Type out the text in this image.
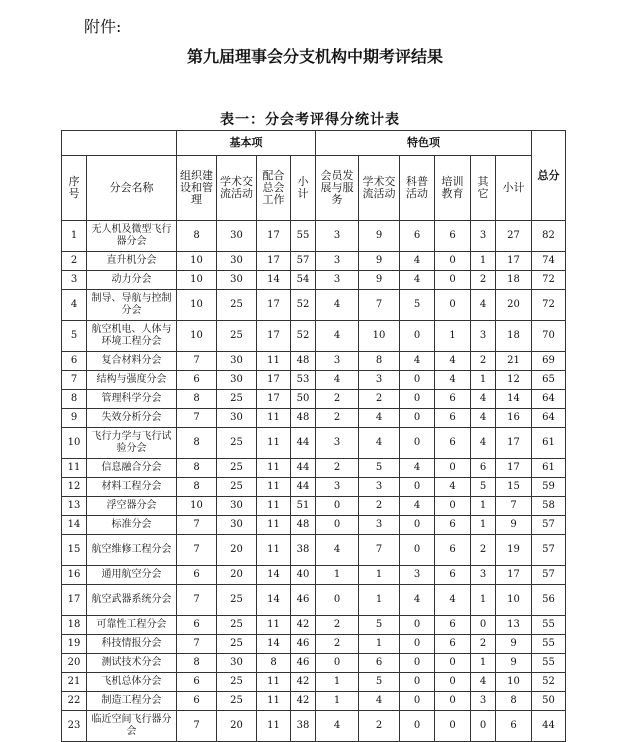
附件:
第九届理事会分支机构中期考评结果
表一：分会考评得分统计表
		基本项				特色项						总分
序号	分会名称	组织建设和管理	学术交流活动	配合总会工作	小计	会员发展与服务	学术交流活动	科普活动	培训教育	其它	小计	
1	无人机及微型飞行器分会	8	30	17	55	3	9	6	6	3	27	82
2	直升机分会	10	30	17	57	3	9	4	0	1	17	74
3	动力分会	10	30	14	54	3	9	4	0	2	18	72
4	制导、导航与控制分会	10	25	17	52	4	7	5	0	4	20	72
5	航空机电、人体与环境工程分会	10	25	17	52	4	10	0	1	3	18	70
6	复合材料分会	7	30	11	48	3	8	4	4	2	21	69
7	结构与强度分会	6	30	17	53	4	3	0	4	1	12	65
8	管理科学分会	8	25	17	50	2	2	0	6	4	14	64
9	失效分析分会	7	30	11	48	2	4	0	6	4	16	64
10	飞行力学与飞行试验分会	8	25	11	44	3	4	0	6	4	17	61
11	信息融合分会	8	25	11	44	2	5	4	0	6	17	61
12	材料工程分会	8	25	11	44	3	3	0	4	5	15	59
13	浮空器分会	10	30	11	51	0	2	4	0	1	7	58
14	标准分会	7	30	11	48	0	3	0	6	1	9	57
15	航空维修工程分会	7	20	11	38	4	7	0	6	2	19	57
16	通用航空分会	6	20	14	40	1	1	3	6	3	17	57
17	航空武器系统分会	7	25	14	46	0	1	4	4	1	10	56
18	可靠性工程分会	6	25	11	42	2	5	0	6	0	13	55
19	科技情报分会	7	25	14	46	2	1	0	6	2	9	55
20	测试技术分会	8	30	8	46	0	6	0	0	1	9	55
21	飞机总体分会	6	25	11	42	1	5	0	0	4	10	52
22	制造工程分会	6	25	11	42	1	4	0	0	3	8	50
23	临近空间飞行器分会	7	20	11	38	4	2	0	0	0	6	44
